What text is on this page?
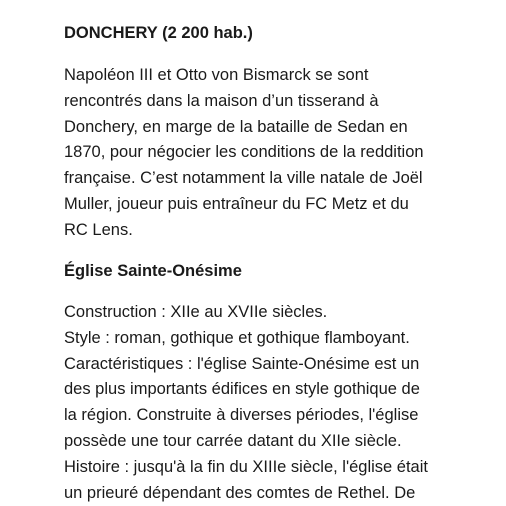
DONCHERY (2 200 hab.)
Napoléon III et Otto von Bismarck se sont
rencontrés dans la maison d’un tisserand à
Donchery, en marge de la bataille de Sedan en
1870, pour négocier les conditions de la reddition
française. C’est notamment la ville natale de Joël
Muller, joueur puis entraîneur du FC Metz et du
RC Lens.
Église Sainte-Onésime
Construction : XIIe au XVIIe siècles.
Style : roman, gothique et gothique flamboyant.
Caractéristiques : l'église Sainte-Onésime est un
des plus importants édifices en style gothique de
la région. Construite à diverses périodes, l'église
possède une tour carrée datant du XIIe siècle.
Histoire : jusqu'à la fin du XIIIe siècle, l'église était
un prieuré dépendant des comtes de Rethel. De
